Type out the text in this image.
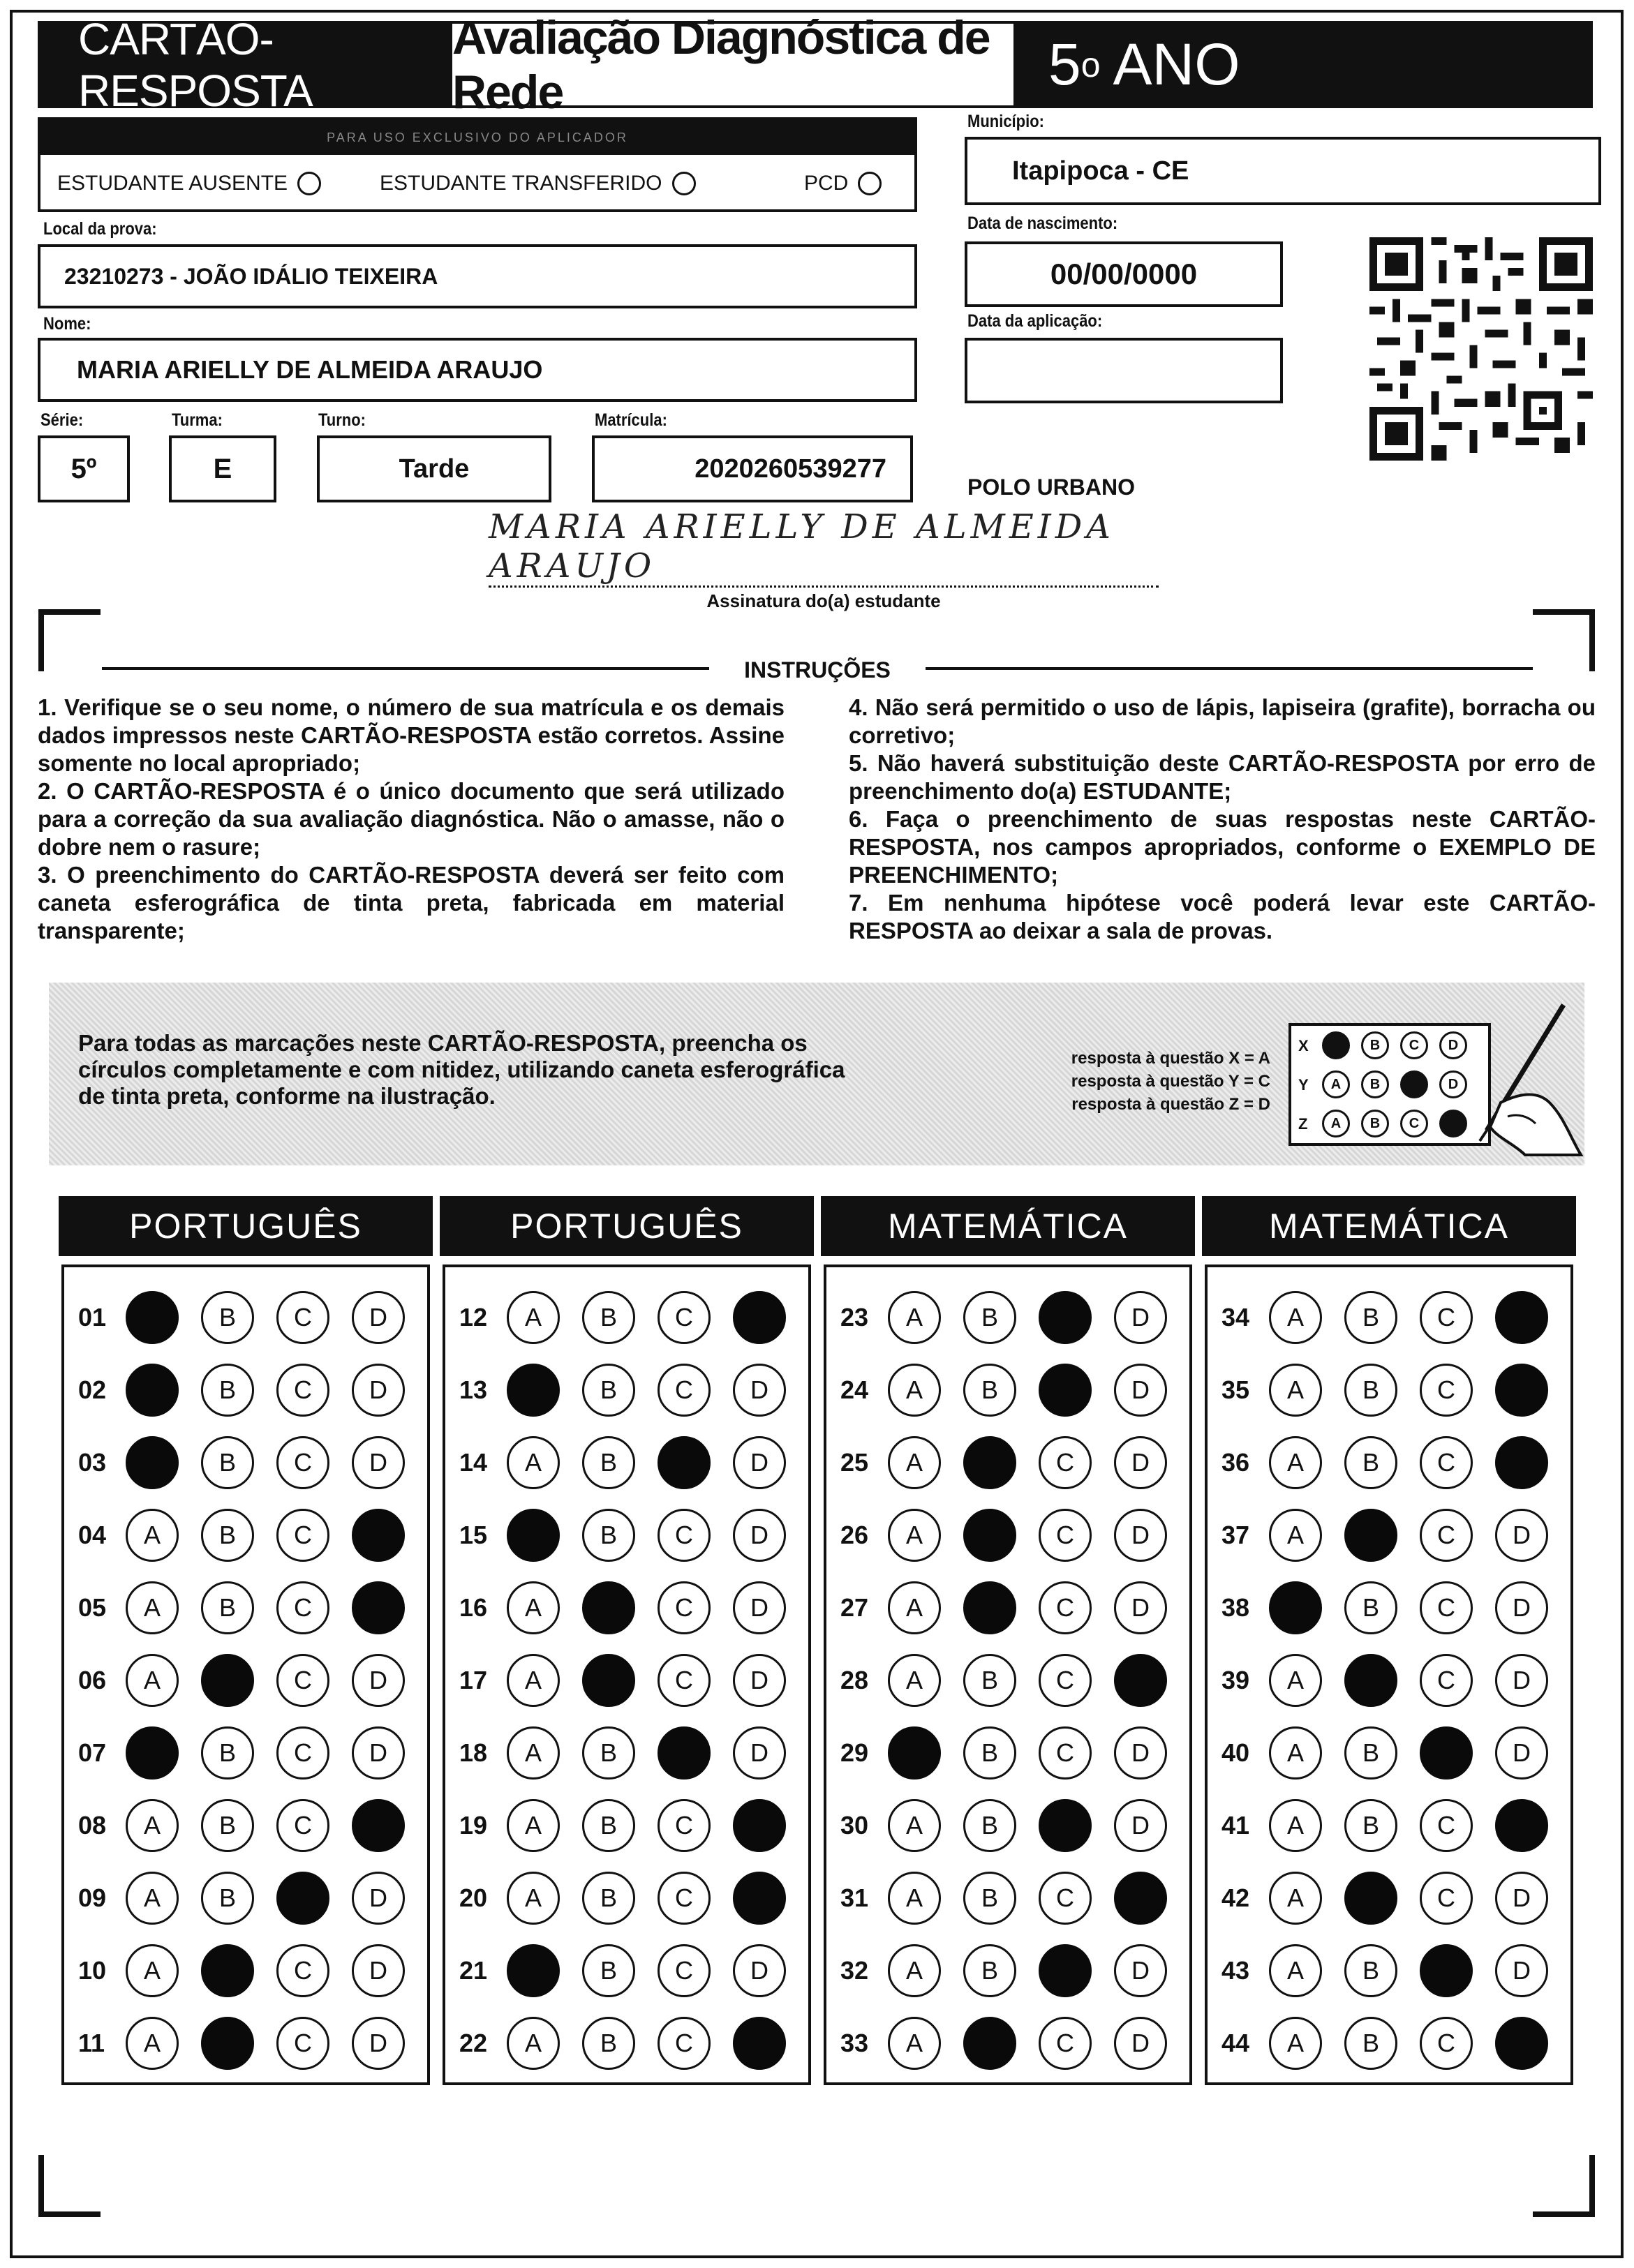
CARTÃO-RESPOSTA
Avaliação Diagnóstica de Rede	5 o ANO
PARA USO EXCLUSIVO DO APLICADOR
ESTUDANTE AUSENTE	ESTUDANTE TRANSFERIDO	PCD
Município:
Itapipoca - CE
Local da prova:
23210273 - JOÃO IDÁLIO TEIXEIRA
Data de nascimento:
00/00/0000
Nome:
MARIA ARIELLY DE ALMEIDA ARAUJO
Data da aplicação:
Série:
5º
Turma:
E
Turno:
Tarde
Matrícula:
2020260539277
POLO URBANO
MARIA ARIELLY DE ALMEIDA ARAUJO
Assinatura do(a) estudante
INSTRUÇÕES

1. Verifique se o seu nome, o número de sua matrícula e os demais dados impressos neste CARTÃO-RESPOSTA estão corretos. Assine somente no local apropriado;

2. O CARTÃO-RESPOSTA é o único documento que será utilizado para a correção da sua avaliação diagnóstica. Não o amasse, não o dobre nem o rasure;

3. O preenchimento do CARTÃO-RESPOSTA deverá ser feito com caneta esferográfica de tinta preta, fabricada em material transparente;

4. Não será permitido o uso de lápis, lapiseira (grafite), borracha ou corretivo;

5. Não haverá substituição deste CARTÃO-RESPOSTA por erro de preenchimento do(a) ESTUDANTE;

6. Faça o preenchimento de suas respostas neste CARTÃO-RESPOSTA, nos campos apropriados, conforme o EXEMPLO DE PREENCHIMENTO;

7. Em nenhuma hipótese você poderá levar este CARTÃO-RESPOSTA ao deixar a sala de provas.

Para todas as marcações neste CARTÃO-RESPOSTA, preencha os círculos completamente e com nitidez, utilizando caneta esferográfica de tinta preta, conforme na ilustração.
resposta à questão X = A
resposta à questão Y = C
resposta à questão Z = D
X	B	C	D
Y	A	B	D
Z	A	B	C
PORTUGUÊS
01	B	C	D
02	B	C	D
03	B	C	D
04	A	B	C
05	A	B	C
06	A	C	D
07	B	C	D
08	A	B	C
09	A	B	D
10	A	C	D
11	A	C	D
PORTUGUÊS
12	A	B	C
13	B	C	D
14	A	B	D
15	B	C	D
16	A	C	D
17	A	C	D
18	A	B	D
19	A	B	C
20	A	B	C
21	B	C	D
22	A	B	C
MATEMÁTICA
23	A	B	D
24	A	B	D
25	A	C	D
26	A	C	D
27	A	C	D
28	A	B	C
29	B	C	D
30	A	B	D
31	A	B	C
32	A	B	D
33	A	C	D
MATEMÁTICA
34	A	B	C
35	A	B	C
36	A	B	C
37	A	C	D
38	B	C	D
39	A	C	D
40	A	B	D
41	A	B	C
42	A	C	D
43	A	B	D
44	A	B	C
